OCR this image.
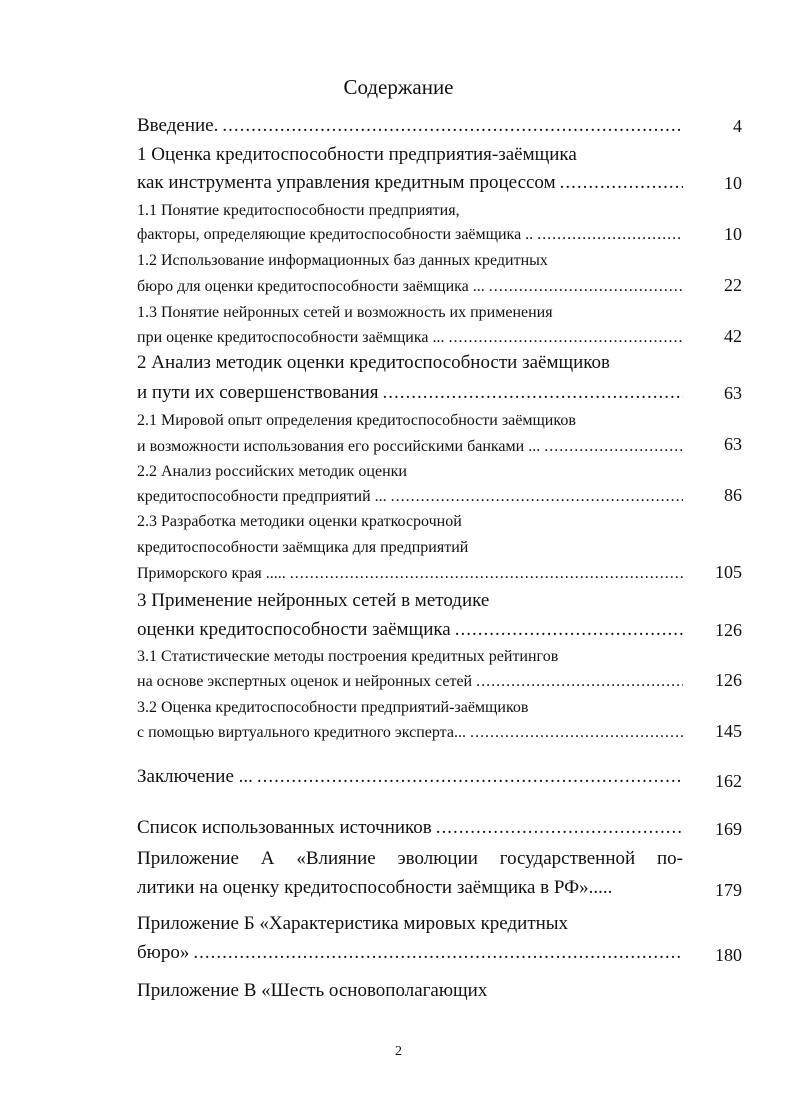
Содержание
Введение. .....	4
1 Оценка кредитоспособности предприятия-заёмщика
как инструмента управления кредитным процессом .....	10
1.1 Понятие кредитоспособности предприятия,
факторы, определяющие кредитоспособности заёмщика .. .....	10
1.2 Использование информационных баз данных кредитных
бюро для оценки кредитоспособности заёмщика ... .....	22
1.3 Понятие нейронных сетей и возможность их применения
при оценке кредитоспособности заёмщика ... .....	42
2 Анализ методик оценки кредитоспособности заёмщиков
и пути их совершенствования .....	63
2.1 Мировой опыт определения кредитоспособности заёмщиков
и возможности использования его российскими банками ... .....	63
2.2 Анализ российских методик оценки
кредитоспособности предприятий ... .....	86
2.3 Разработка методики оценки краткосрочной
кредитоспособности заёмщика для предприятий
Приморского края ..... .....	105
3 Применение нейронных сетей в методике
оценки кредитоспособности заёмщика .....	126
3.1 Статистические методы построения кредитных рейтингов
на основе экспертных оценок и нейронных сетей .....	126
3.2 Оценка кредитоспособности предприятий-заёмщиков
с помощью виртуального кредитного эксперта... .....	145
Заключение ... .....	162
Список использованных источников .....	169
Приложение А «Влияние эволюции государственной по-
литики на оценку кредитоспособности заёмщика в РФ».....	179
Приложение Б «Характеристика мировых кредитных
бюро» .....	180
Приложение В «Шесть основополагающих
2
